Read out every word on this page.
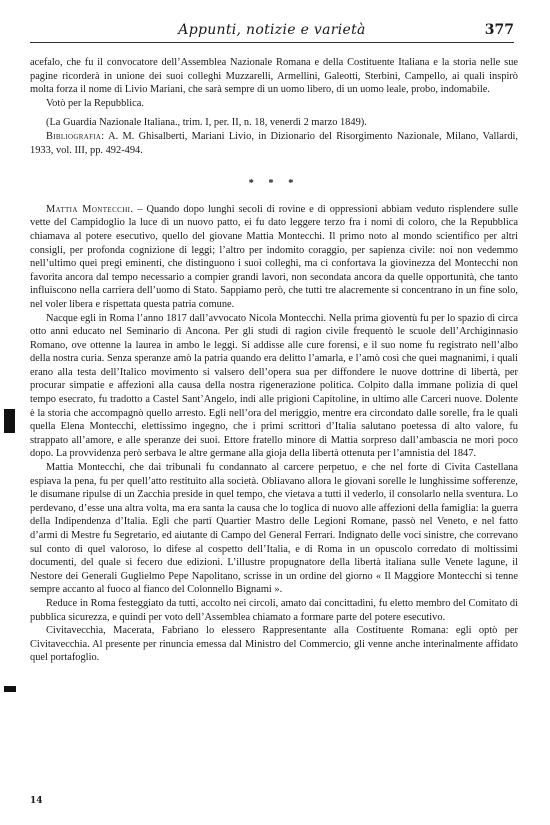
Appunti, notizie e varietà	377

acefalo, che fu il convocatore dell’Assemblea Nazionale Romana e della Costituente Italiana e la storia nelle sue pagine ricorderà in unione dei suoi colleghi Muzzarelli, Armellini, Galeotti, Sterbini, Campello, ai quali inspirò molta forza il nome di Livio Mariani, che sarà sempre di un uomo libero, di un uomo leale, probo, indomabile.

Votò per la Repubblica.

(La Guardia Nazionale Italiana., trim. I, per. II, n. 18, venerdì 2 marzo 1849).

Bibliografia: A. M. Ghisalberti, Mariani Livio, in Dizionario del Risorgimento Nazionale, Milano, Vallardi, 1933, vol. III, pp. 492-494.

* * *

Mattia Montecchi. – Quando dopo lunghi secoli di rovine e di oppressioni abbiam veduto risplendere sulle vette del Campidoglio la luce di un nuovo patto, ei fu dato leggere terzo fra i nomi di coloro, che la Repubblica chiamava al potere esecutivo, quello del giovane Mattia Montecchi. Il primo noto al mondo scientifico per altri consigli, per profonda cognizione di leggi; l’altro per indomito coraggio, per sapienza civile: noi non vedemmo nell’ultimo quei pregi eminenti, che distinguono i suoi colleghi, ma ci confortava la giovinezza del Montecchi non favorita ancora dal tempo necessario a compier grandi lavori, non secondata ancora da quelle opportunità, che tanto influiscono nella carriera dell’uomo di Stato. Sappiamo però, che tutti tre alacremente si concentrano in un fine solo, nel voler libera e rispettata questa patria comune.

Nacque egli in Roma l’anno 1817 dall’avvocato Nicola Montecchi. Nella prima gioventù fu per lo spazio di circa otto anni educato nel Seminario di Ancona. Per gli studi di ragion civile frequentò le scuole dell’Archiginnasio Romano, ove ottenne la laurea in ambo le leggi. Si addisse alle cure forensi, e il suo nome fu registrato nell’albo della nostra curia. Senza speranze amò la patria quando era delitto l’amarla, e l’amò così che quei magnanimi, i quali erano alla testa dell’Italico movimento si valsero dell’opera sua per diffondere le nuove dottrine di libertà, per procurar simpatie e affezioni alla causa della nostra rigenerazione politica. Colpito dalla immane polizia di quel tempo esecrato, fu tradotto a Castel Sant’Angelo, indi alle prigioni Capitoline, in ultimo alle Carceri nuove. Dolente è la storia che accompagnò quello arresto. Egli nell’ora del meriggio, mentre era circondato dalle sorelle, fra le quali quella Elena Montecchi, elettissimo ingegno, che i primi scrittori d’Italia salutano poetessa di alto valore, fu strappato all’amore, e alle speranze dei suoi. Ettore fratello minore di Mattia sorpreso dall’ambascia ne morì poco dopo. La provvidenza però serbava le altre germane alla gioja della libertà ottenuta per l’amnistia del 1847.

Mattia Montecchi, che dai tribunali fu condannato al carcere perpetuo, e che nel forte di Civita Castellana espiava la pena, fu per quell’atto restituito alla società. Obliavano allora le giovani sorelle le lunghissime sofferenze, le disumane ripulse di un Zacchia preside in quel tempo, che vietava a tutti il vederlo, il consolarlo nella sventura. Lo perdevano, d’esse una altra volta, ma era santa la causa che lo toglica di nuovo alle affezioni della famiglia: la guerra della Indipendenza d’Italia. Egli che partì Quartier Mastro delle Legioni Romane, passò nel Veneto, e nel fatto d’armi di Mestre fu Segretario, ed aiutante di Campo del General Ferrari. Indignato delle voci sinistre, che correvano sul conto di quel valoroso, lo difese al cospetto dell’Italia, e di Roma in un opuscolo corredato di moltissimi documenti, del quale si fecero due edizioni. L’illustre propugnatore della libertà italiana sulle Venete lagune, il Nestore dei Generali Guglielmo Pepe Napolitano, scrisse in un ordine del giorno « Il Maggiore Montecchi si tenne sempre accanto al fuoco al fianco del Colonnello Bignami ».

Reduce in Roma festeggiato da tutti, accolto nei circoli, amato dai concittadini, fu eletto membro del Comitato di pubblica sicurezza, e quindi per voto dell’Assemblea chiamato a formare parte del potere esecutivo.

Civitavecchia, Macerata, Fabriano lo elessero Rappresentante alla Costituente Romana: egli optò per Civitavecchia. Al presente per rinuncia emessa dal Ministro del Commercio, gli venne anche interinalmente affidato quel portafoglio.

14
